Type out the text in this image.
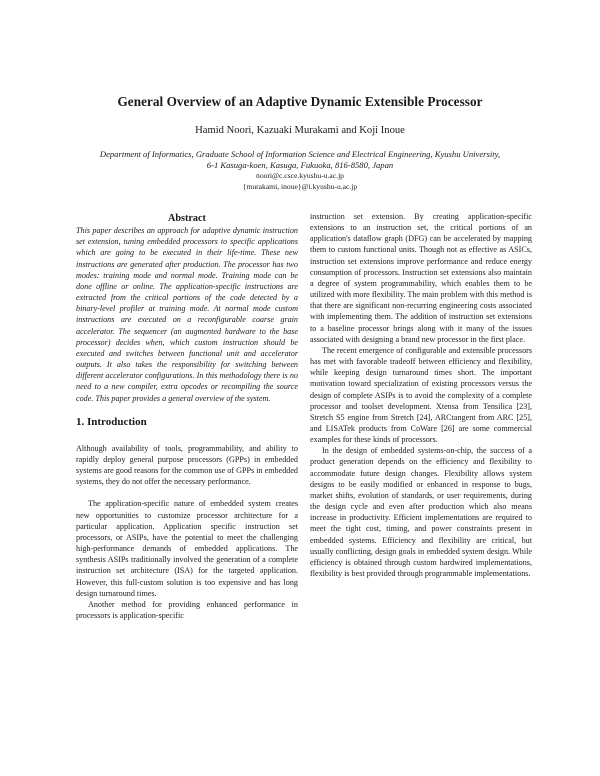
General Overview of an Adaptive Dynamic Extensible Processor
Hamid Noori, Kazuaki Murakami and Koji Inoue
Department of Informatics, Graduate School of Information Science and Electrical Engineering, Kyushu University,
6-1 Kasuga-koen, Kasuga, Fukuoka, 816-8580, Japan
noori@c.csce.kyushu-u.ac.jp
{murakami, inoue}@i.kyushu-u.ac.jp
Abstract

This paper describes an approach for adaptive dynamic instruction set extension, tuning embedded processors to specific applications which are going to be executed in their life-time. These new instructions are generated after production. The processor has two modes: training mode and normal mode. Training mode can be done offline or online. The application-specific instructions are extracted from the critical portions of the code detected by a binary-level profiler at training mode. At normal mode custom instructions are executed on a reconfigurable coarse grain accelerator. The sequencer (an augmented hardware to the base processor) decides when, which custom instruction should be executed and switches between functional unit and accelerator outputs. It also takes the responsibility for switching between different accelerator configurations. In this methodology there is no need to a new compiler, extra opcodes or recompiling the source code. This paper provides a general overview of the system.

1. Introduction

Although availability of tools, programmability, and ability to rapidly deploy general purpose processors (GPPs) in embedded systems are good reasons for the common use of GPPs in embedded systems, they do not offer the necessary performance.

The application-specific nature of embedded system creates new opportunities to customize processor architecture for a particular application. Application specific instruction set processors, or ASIPs, have the potential to meet the challenging high-performance demands of embedded applications. The synthesis ASIPs traditionally involved the generation of a complete instruction set architecture (ISA) for the targeted application. However, this full-custom solution is too expensive and has long design turnaround times.

Another method for providing enhanced performance in processors is application-specific

instruction set extension. By creating application-specific extensions to an instruction set, the critical portions of an application's dataflow graph (DFG) can be accelerated by mapping them to custom functional units. Though not as effective as ASICs, instruction set extensions improve performance and reduce energy consumption of processors. Instruction set extensions also maintain a degree of system programmability, which enables them to be utilized with more flexibility. The main problem with this method is that there are significant non-recurring engineering costs associated with implementing them. The addition of instruction set extensions to a baseline processor brings along with it many of the issues associated with designing a brand new processor in the first place.

The recent emergence of configurable and extensible processors has met with favorable tradeoff between efficiency and flexibility, while keeping design turnaround times short. The important motivation toward specialization of existing processors versus the design of complete ASIPs is to avoid the complexity of a complete processor and toolset development. Xtensa from Tensilica [23], Stretch S5 engine from Stretch [24], ARCtangent from ARC [25], and LISATek products from CoWare [26] are some commercial examples for these kinds of processors.

In the design of embedded systems-on-chip, the success of a product generation depends on the efficiency and flexibility to accommodate future design changes. Flexibility allows system designs to be easily modified or enhanced in response to bugs, market shifts, evolution of standards, or user requirements, during the design cycle and even after production which also means increase in productivity. Efficient implementations are required to meet the tight cost, timing, and power constraints present in embedded systems. Efficiency and flexibility are critical, but usually conflicting, design goals in embedded system design. While efficiency is obtained through custom hardwired implementations, flexibility is best provided through programmable implementations.
